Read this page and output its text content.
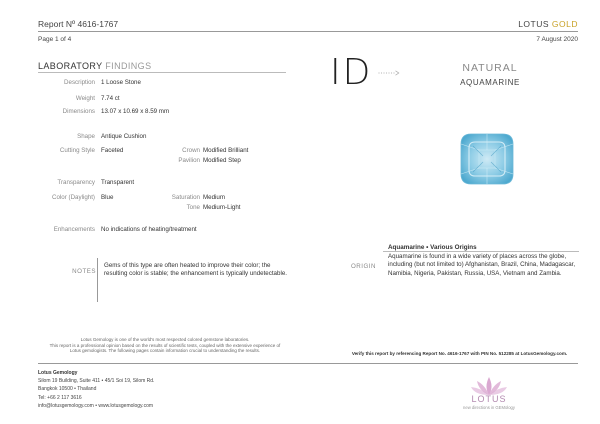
Report Nº 4616-1767	LOTUS GOLD
Page 1 of 4	7 August 2020
LABORATORY FINDINGS
Description 1 Loose Stone
Weight 7.74 ct
Dimensions 13.07 x 10.69 x 8.59 mm
Shape Antique Cushion
Cutting Style Faceted	Crown Modified Brilliant
Pavilion Modified Step
Transparency Transparent
Color (Daylight) Blue	Saturation Medium
Tone Medium-Light
Enhancements No indications of heating/treatment
ID	NATURAL
AQUAMARINE
NOTES
Gems of this type are often heated to improve their color; the resulting color is stable; the enhancement is typically undetectable.
Aquamarine • Various Origins
ORIGIN
Aquamarine is found in a wide variety of places across the globe, including (but not limited to) Afghanistan, Brazil, China, Madagascar, Namibia, Nigeria, Pakistan, Russia, USA, Vietnam and Zambia.
Lotus Gemology is one of the world's most respected colored gemstone laboratories.
This report is a professional opinion based on the results of scientific tests, coupled with the extensive experience of
Lotus gemologists. The following pages contain information crucial to understanding the results.
Verify this report by referencing Report No. 4616-1767 with PIN No. 512285 at LotusGemology.com.
Lotus Gemology
Silom 19 Building, Suite 411 • 45/1 Soi 19, Silom Rd.
Bangkok 10500 • Thailand
Tel: +66 2 117 3616
info@lotusgemology.com • www.lotusgemology.com
LOTUS
new directions in GEMology
